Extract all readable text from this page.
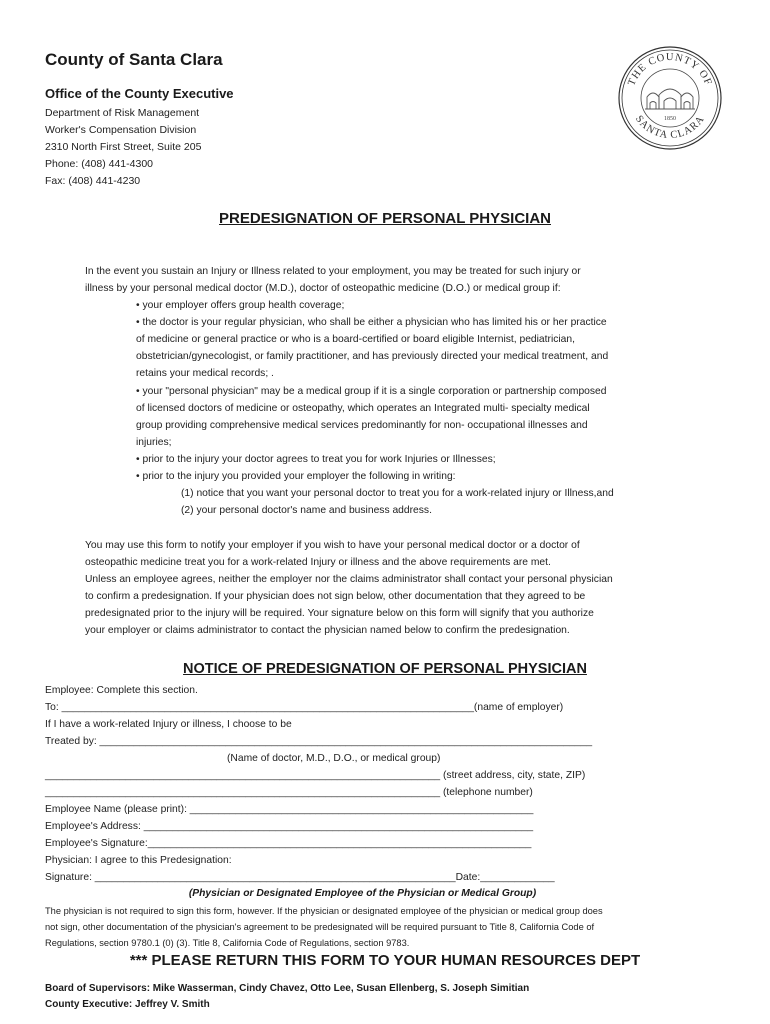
County of Santa Clara
Office of the County Executive
Department of Risk Management
Worker's Compensation Division
2310 North First Street, Suite 205
Phone: (408) 441-4300
Fax: (408) 441-4230
THE COUNTY OF
SANTA CLARA
1850
PREDESIGNATION OF PERSONAL PHYSICIAN
In the event you sustain an Injury or Illness related to your employment, you may be treated for such injury or
illness by your personal medical doctor (M.D.), doctor of osteopathic medicine (D.O.) or medical group if:
• your employer offers group health coverage;
• the doctor is your regular physician, who shall be either a physician who has limited his or her practice
of medicine or general practice or who is a board-certified or board eligible Internist, pediatrician,
obstetrician/gynecologist, or family practitioner, and has previously directed your medical treatment, and
retains your medical records; .
• your "personal physician" may be a medical group if it is a single corporation or partnership composed
of licensed doctors of medicine or osteopathy, which operates an Integrated multi- specialty medical
group providing comprehensive medical services predominantly for non- occupational illnesses and
injuries;
• prior to the injury your doctor agrees to treat you for work Injuries or Illnesses;
• prior to the injury you provided your employer the following in writing:
(1) notice that you want your personal doctor to treat you for a work-related injury or Illness,and
(2) your personal doctor's name and business address.
You may use this form to notify your employer if you wish to have your personal medical doctor or a doctor of
osteopathic medicine treat you for a work-related Injury or illness and the above requirements are met.
Unless an employee agrees, neither the employer nor the claims administrator shall contact your personal physician
to confirm a predesignation. If your physician does not sign below, other documentation that they agreed to be
predesignated prior to the injury will be required. Your signature below on this form will signify that you authorize
your employer or claims administrator to contact the physician named below to confirm the predesignation.
NOTICE OF PREDESIGNATION OF PERSONAL PHYSICIAN
Employee: Complete this section.
To: ________________________________________________________________________(name of employer)
If I have a work-related Injury or illness, I choose to be
Treated by: ______________________________________________________________________________________
(Name of doctor, M.D., D.O., or medical group)
_____________________________________________________________________ (street address, city, state, ZIP)
_____________________________________________________________________ (telephone number)
Employee Name (please print): ____________________________________________________________
Employee's Address: ____________________________________________________________________
Employee's Signature:___________________________________________________________________
Physician: I agree to this Predesignation:
Signature: _______________________________________________________________Date:_____________
(Physician or Designated Employee of the Physician or Medical Group)
The physician is not required to sign this form, however. If the physician or designated employee of the physician or medical group does
not sign, other documentation of the physician's agreement to be predesignated will be required pursuant to Title 8, California Code of
Regulations, section 9780.1 (0) (3). Title 8, California Code of Regulations, section 9783.
*** PLEASE RETURN THIS FORM TO YOUR HUMAN RESOURCES DEPT
Board of Supervisors: Mike Wasserman, Cindy Chavez, Otto Lee, Susan Ellenberg, S. Joseph Simitian
County Executive: Jeffrey V. Smith
